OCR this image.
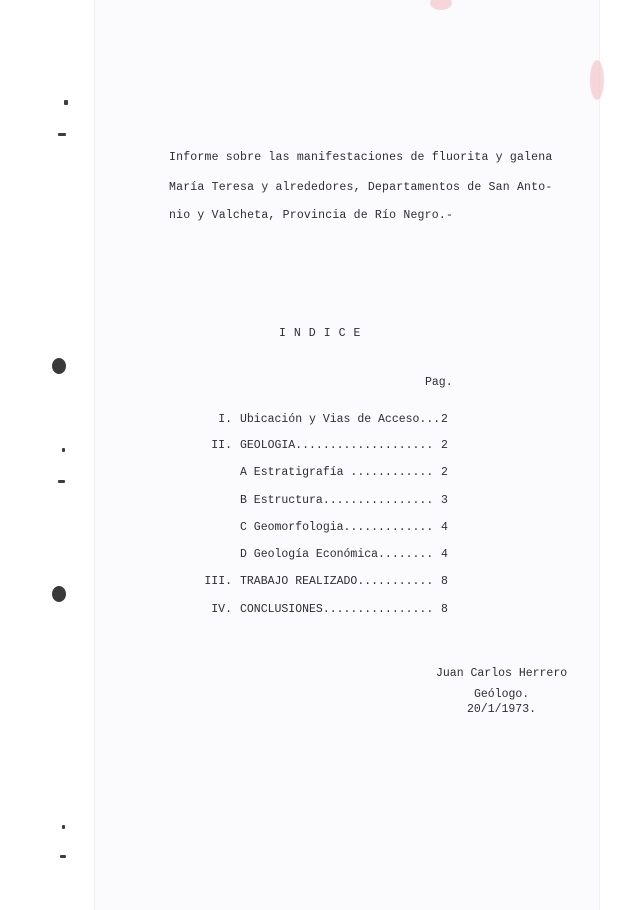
Informe sobre las manifestaciones de fluorita y galena
María Teresa y alrededores, Departamentos de San Anto-
nio y Valcheta, Provincia de Río Negro.-
INDICE
Pag.
I. Ubicación y Vias de Acceso... 2
II. GEOLOGIA.................... 2
A Estratigrafía ............ 2
B Estructura................ 3
C Geomorfologia............. 4
D Geología Económica........ 4
III. TRABAJO REALIZADO........... 8
IV. CONCLUSIONES................ 8
Juan Carlos Herrero
Geólogo.
20/1/1973.
